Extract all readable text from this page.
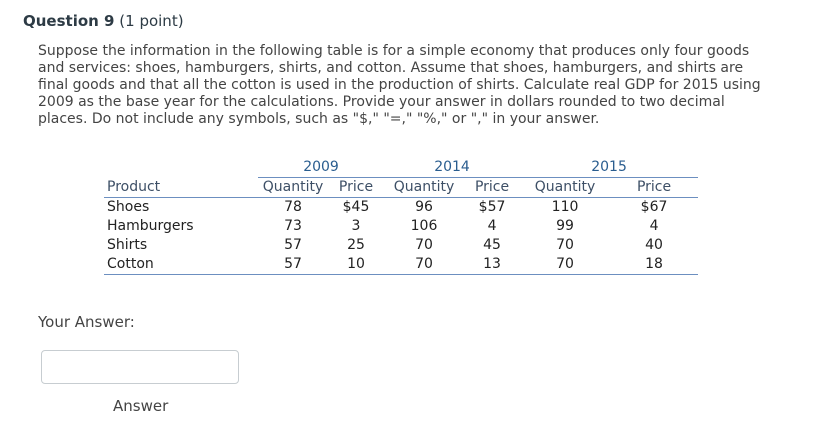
Question 9 (1 point)

Suppose the information in the following table is for a simple economy that produces only four goods and services: shoes, hamburgers, shirts, and cotton. Assume that shoes, hamburgers, and shirts are final goods and that all the cotton is used in the production of shirts. Calculate real GDP for 2015 using 2009 as the base year for the calculations. Provide your answer in dollars rounded to two decimal places. Do not include any symbols, such as "$," "=," "%," or "," in your answer.

	2009		2014		2015	
Product	Quantity	Price	Quantity	Price	Quantity	Price
Shoes	78	$45	96	$57	110	$67
Hamburgers	73	3	106	4	99	4
Shirts	57	25	70	45	70	40
Cotton	57	10	70	13	70	18
Your Answer:
Answer
